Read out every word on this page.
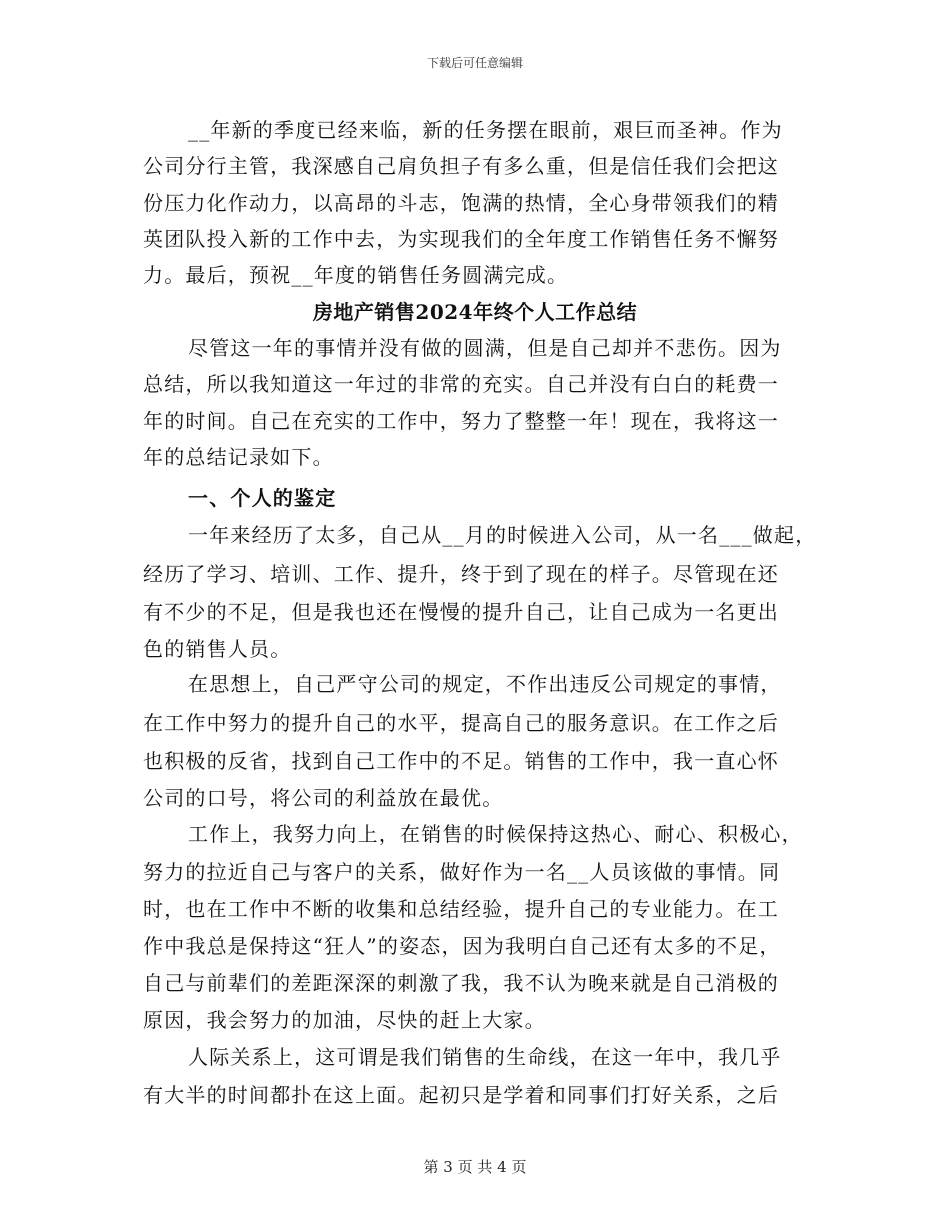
下载后可任意编辑
__年新的季度已经来临，新的任务摆在眼前，艰巨而圣神。作为
公司分行主管，我深感自己肩负担子有多么重，但是信任我们会把这
份压力化作动力，以高昂的斗志，饱满的热情，全心身带领我们的精
英团队投入新的工作中去，为实现我们的全年度工作销售任务不懈努
力。最后，预祝__年度的销售任务圆满完成。
房地产销售2024年终个人工作总结
尽管这一年的事情并没有做的圆满，但是自己却并不悲伤。因为
总结，所以我知道这一年过的非常的充实。自己并没有白白的耗费一
年的时间。自己在充实的工作中，努力了整整一年！现在，我将这一
年的总结记录如下。
一、个人的鉴定
一年来经历了太多，自己从__月的时候进入公司，从一名___做起，
经历了学习、培训、工作、提升，终于到了现在的样子。尽管现在还
有不少的不足，但是我也还在慢慢的提升自己，让自己成为一名更出
色的销售人员。
在思想上，自己严守公司的规定，不作出违反公司规定的事情，
在工作中努力的提升自己的水平，提高自己的服务意识。在工作之后
也积极的反省，找到自己工作中的不足。销售的工作中，我一直心怀
公司的口号，将公司的利益放在最优。
工作上，我努力向上，在销售的时候保持这热心、耐心、积极心，
努力的拉近自己与客户的关系，做好作为一名__人员该做的事情。同
时，也在工作中不断的收集和总结经验，提升自己的专业能力。在工
作中我总是保持这“狂人”的姿态，因为我明白自己还有太多的不足，
自己与前辈们的差距深深的刺激了我，我不认为晚来就是自己消极的
原因，我会努力的加油，尽快的赶上大家。
人际关系上，这可谓是我们销售的生命线，在这一年中，我几乎
有大半的时间都扑在这上面。起初只是学着和同事们打好关系，之后
第 3 页 共 4 页
